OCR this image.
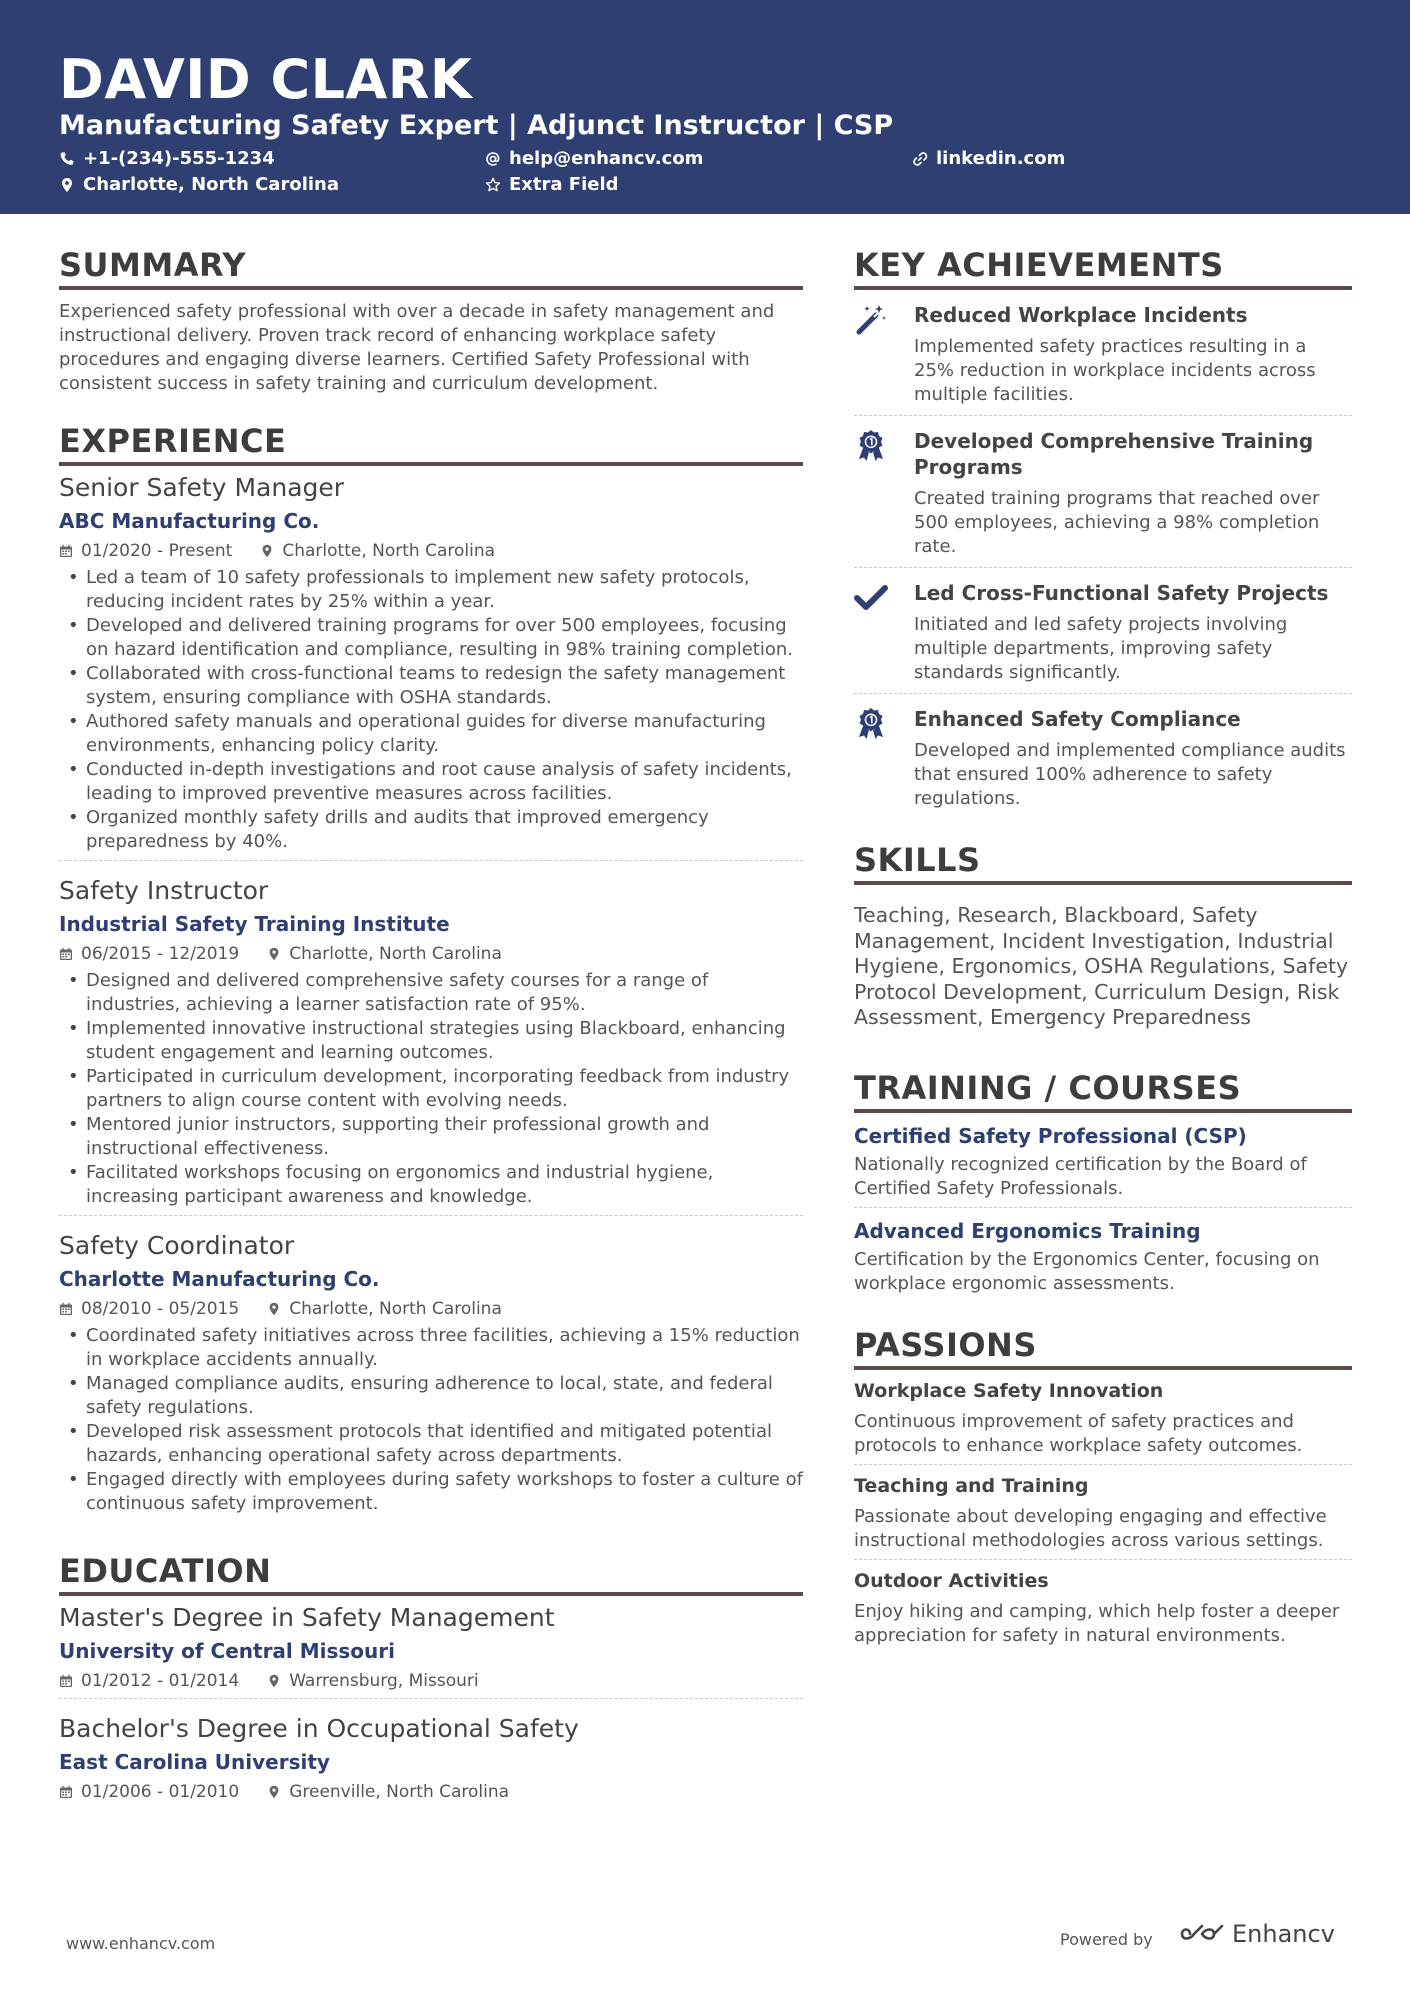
DAVID CLARK
Manufacturing Safety Expert | Adjunct Instructor | CSP
+1-(234)-555-1234	help@enhancv.com	linkedin.com
Charlotte, North Carolina	Extra Field
SUMMARY
Experienced safety professional with over a decade in safety management and instructional delivery. Proven track record of enhancing workplace safety procedures and engaging diverse learners. Certified Safety Professional with consistent success in safety training and curriculum development.
EXPERIENCE
Senior Safety Manager
ABC Manufacturing Co.
01/2020 - Present	Charlotte, North Carolina
• Led a team of 10 safety professionals to implement new safety protocols, reducing incident rates by 25% within a year.
• Developed and delivered training programs for over 500 employees, focusing on hazard identification and compliance, resulting in 98% training completion.
• Collaborated with cross-functional teams to redesign the safety management system, ensuring compliance with OSHA standards.
• Authored safety manuals and operational guides for diverse manufacturing environments, enhancing policy clarity.
• Conducted in-depth investigations and root cause analysis of safety incidents, leading to improved preventive measures across facilities.
• Organized monthly safety drills and audits that improved emergency preparedness by 40%.
Safety Instructor
Industrial Safety Training Institute
06/2015 - 12/2019	Charlotte, North Carolina
• Designed and delivered comprehensive safety courses for a range of industries, achieving a learner satisfaction rate of 95%.
• Implemented innovative instructional strategies using Blackboard, enhancing student engagement and learning outcomes.
• Participated in curriculum development, incorporating feedback from industry partners to align course content with evolving needs.
• Mentored junior instructors, supporting their professional growth and instructional effectiveness.
• Facilitated workshops focusing on ergonomics and industrial hygiene, increasing participant awareness and knowledge.
Safety Coordinator
Charlotte Manufacturing Co.
08/2010 - 05/2015	Charlotte, North Carolina
• Coordinated safety initiatives across three facilities, achieving a 15% reduction in workplace accidents annually.
• Managed compliance audits, ensuring adherence to local, state, and federal safety regulations.
• Developed risk assessment protocols that identified and mitigated potential hazards, enhancing operational safety across departments.
• Engaged directly with employees during safety workshops to foster a culture of continuous safety improvement.
EDUCATION
Master's Degree in Safety Management
University of Central Missouri
01/2012 - 01/2014	Warrensburg, Missouri
Bachelor's Degree in Occupational Safety
East Carolina University
01/2006 - 01/2010	Greenville, North Carolina
KEY ACHIEVEMENTS
Reduced Workplace Incidents
Implemented safety practices resulting in a 25% reduction in workplace incidents across multiple facilities.
Developed Comprehensive Training Programs
Created training programs that reached over 500 employees, achieving a 98% completion rate.
Led Cross-Functional Safety Projects
Initiated and led safety projects involving multiple departments, improving safety standards significantly.
Enhanced Safety Compliance
Developed and implemented compliance audits that ensured 100% adherence to safety regulations.
SKILLS
Teaching, Research, Blackboard, Safety Management, Incident Investigation, Industrial Hygiene, Ergonomics, OSHA Regulations, Safety Protocol Development, Curriculum Design, Risk Assessment, Emergency Preparedness
TRAINING / COURSES
Certified Safety Professional (CSP)
Nationally recognized certification by the Board of Certified Safety Professionals.
Advanced Ergonomics Training
Certification by the Ergonomics Center, focusing on workplace ergonomic assessments.
PASSIONS
Workplace Safety Innovation
Continuous improvement of safety practices and protocols to enhance workplace safety outcomes.
Teaching and Training
Passionate about developing engaging and effective instructional methodologies across various settings.
Outdoor Activities
Enjoy hiking and camping, which help foster a deeper appreciation for safety in natural environments.
www.enhancv.com	Powered by	Enhancv
